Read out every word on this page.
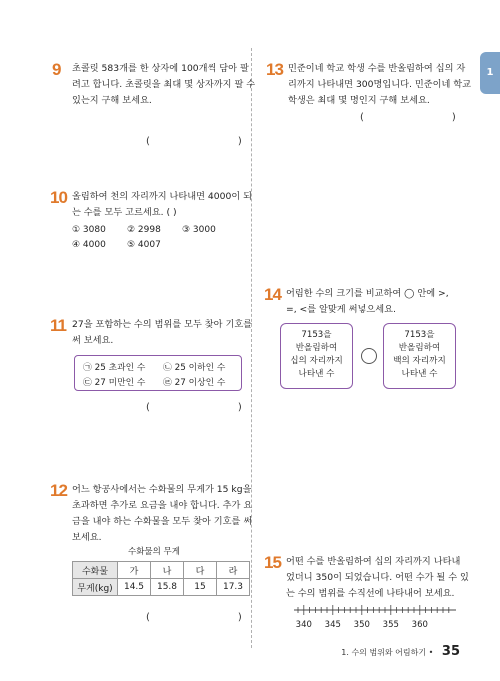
1
9 초콜릿 583개를 한 상자에 100개씩 담아 팔
려고 합니다. 초콜릿을 최대 몇 상자까지 팔 수
있는지 구해 보세요.
(	)
10 올림하여 천의 자리까지 나타내면 4000이 되
는 수를 모두 고르세요. ( )
① 3080 ② 2998 ③ 3000
④ 4000 ⑤ 4007
11 27을 포함하는 수의 범위를 모두 찾아 기호를
써 보세요.
㉠ 25 초과인 수 ㉡ 25 이하인 수
㉢ 27 미만인 수 ㉣ 27 이상인 수
(	)
12 어느 항공사에서는 수화물의 무게가 15 kg을
초과하면 추가로 요금을 내야 합니다. 추가 요
금을 내야 하는 수화물을 모두 찾아 기호를 써
보세요.
수화물의 무게
수화물	가	나	다	라
무게(kg)	14.5	15.8	15	17.3
(	)
13 민준이네 학교 학생 수를 반올림하여 십의 자
리까지 나타내면 300명입니다. 민준이네 학교
학생은 최대 몇 명인지 구해 보세요.
(	)
14 어림한 수의 크기를 비교하여 ◯ 안에 >,
=, <를 알맞게 써넣으세요.
7153을
반올림하여
십의 자리까지
나타낸 수
7153을
반올림하여
백의 자리까지
나타낸 수
15 어떤 수를 반올림하여 십의 자리까지 나타내
었더니 350이 되었습니다. 어떤 수가 될 수 있
는 수의 범위를 수직선에 나타내어 보세요.
340 345 350 355 360
1. 수의 범위와 어림하기 • 35
